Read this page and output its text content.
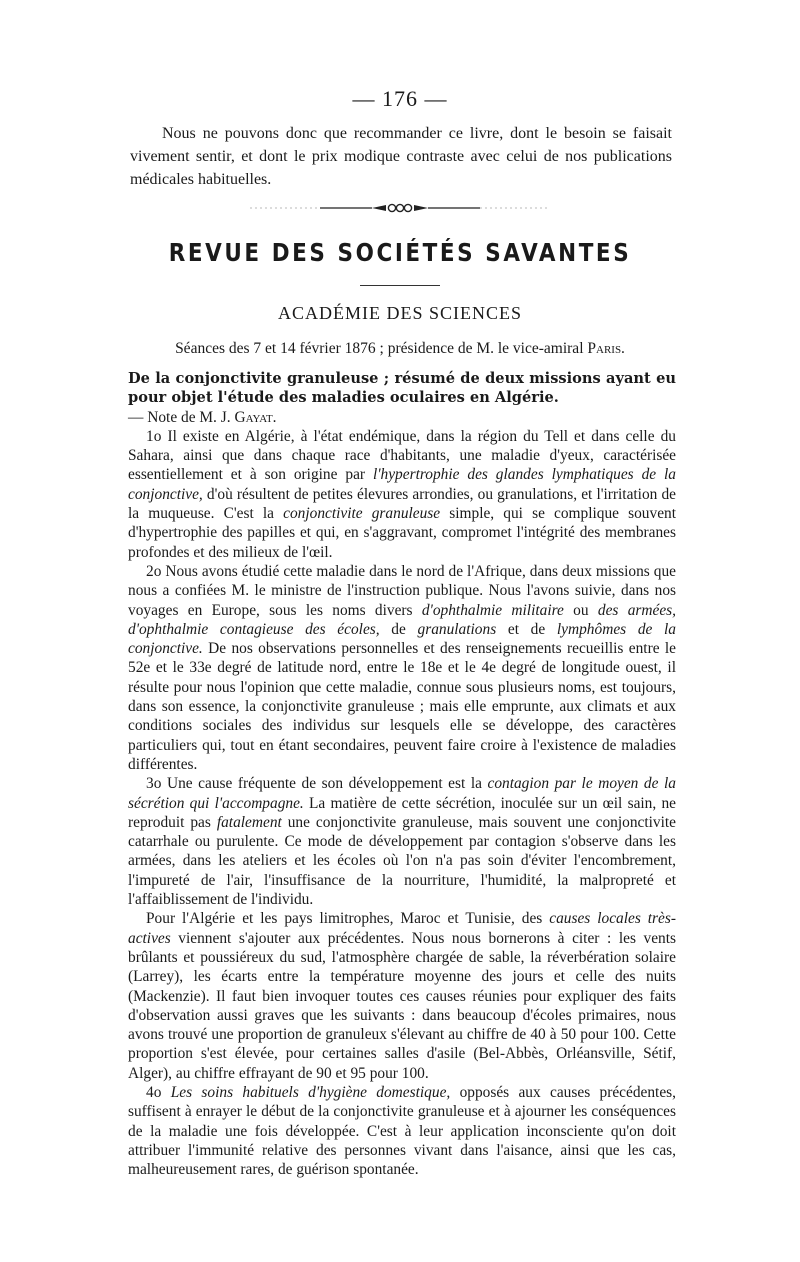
— 176 —

Nous ne pouvons donc que recommander ce livre, dont le besoin se faisait vivement sentir, et dont le prix modique contraste avec celui de nos publications médicales habituelles.

REVUE DES SOCIÉTÉS SAVANTES
ACADÉMIE DES SCIENCES
Séances des 7 et 14 février 1876 ; présidence de M. le vice-amiral Paris.

De la conjonctivite granuleuse ; résumé de deux missions ayant eu pour objet l'étude des maladies oculaires en Algérie.
— Note de M. J. Gayat.

1o Il existe en Algérie, à l'état endémique, dans la région du Tell et dans celle du Sahara, ainsi que dans chaque race d'habitants, une maladie d'yeux, caractérisée essentiellement et à son origine par l'hypertrophie des glandes lymphatiques de la conjonctive, d'où résultent de petites élevures arrondies, ou granulations, et l'irritation de la muqueuse. C'est la conjonctivite granuleuse simple, qui se complique souvent d'hypertrophie des papilles et qui, en s'aggravant, compromet l'intégrité des membranes profondes et des milieux de l'œil.

2o Nous avons étudié cette maladie dans le nord de l'Afrique, dans deux missions que nous a confiées M. le ministre de l'instruction publique. Nous l'avons suivie, dans nos voyages en Europe, sous les noms divers d'ophthalmie militaire ou des armées, d'ophthalmie contagieuse des écoles, de granulations et de lymphômes de la conjonctive. De nos observations personnelles et des renseignements recueillis entre le 52e et le 33e degré de latitude nord, entre le 18e et le 4e degré de longitude ouest, il résulte pour nous l'opinion que cette maladie, connue sous plusieurs noms, est toujours, dans son essence, la conjonctivite granuleuse ; mais elle emprunte, aux climats et aux conditions sociales des individus sur lesquels elle se développe, des caractères particuliers qui, tout en étant secondaires, peuvent faire croire à l'existence de maladies différentes.

3o Une cause fréquente de son développement est la contagion par le moyen de la sécrétion qui l'accompagne. La matière de cette sécrétion, inoculée sur un œil sain, ne reproduit pas fatalement une conjonctivite granuleuse, mais souvent une conjonctivite catarrhale ou purulente. Ce mode de développement par contagion s'observe dans les armées, dans les ateliers et les écoles où l'on n'a pas soin d'éviter l'encombrement, l'impureté de l'air, l'insuffisance de la nourriture, l'humidité, la malpropreté et l'affaiblissement de l'individu.

Pour l'Algérie et les pays limitrophes, Maroc et Tunisie, des causes locales très-actives viennent s'ajouter aux précédentes. Nous nous bornerons à citer : les vents brûlants et poussiéreux du sud, l'atmosphère chargée de sable, la réverbération solaire (Larrey), les écarts entre la température moyenne des jours et celle des nuits (Mackenzie). Il faut bien invoquer toutes ces causes réunies pour expliquer des faits d'observation aussi graves que les suivants : dans beaucoup d'écoles primaires, nous avons trouvé une proportion de granuleux s'élevant au chiffre de 40 à 50 pour 100. Cette proportion s'est élevée, pour certaines salles d'asile (Bel-Abbès, Orléansville, Sétif, Alger), au chiffre effrayant de 90 et 95 pour 100.

4o Les soins habituels d'hygiène domestique, opposés aux causes précédentes, suffisent à enrayer le début de la conjonctivite granuleuse et à ajourner les conséquences de la maladie une fois développée. C'est à leur application inconsciente qu'on doit attribuer l'immunité relative des personnes vivant dans l'aisance, ainsi que les cas, malheureusement rares, de guérison spontanée.
